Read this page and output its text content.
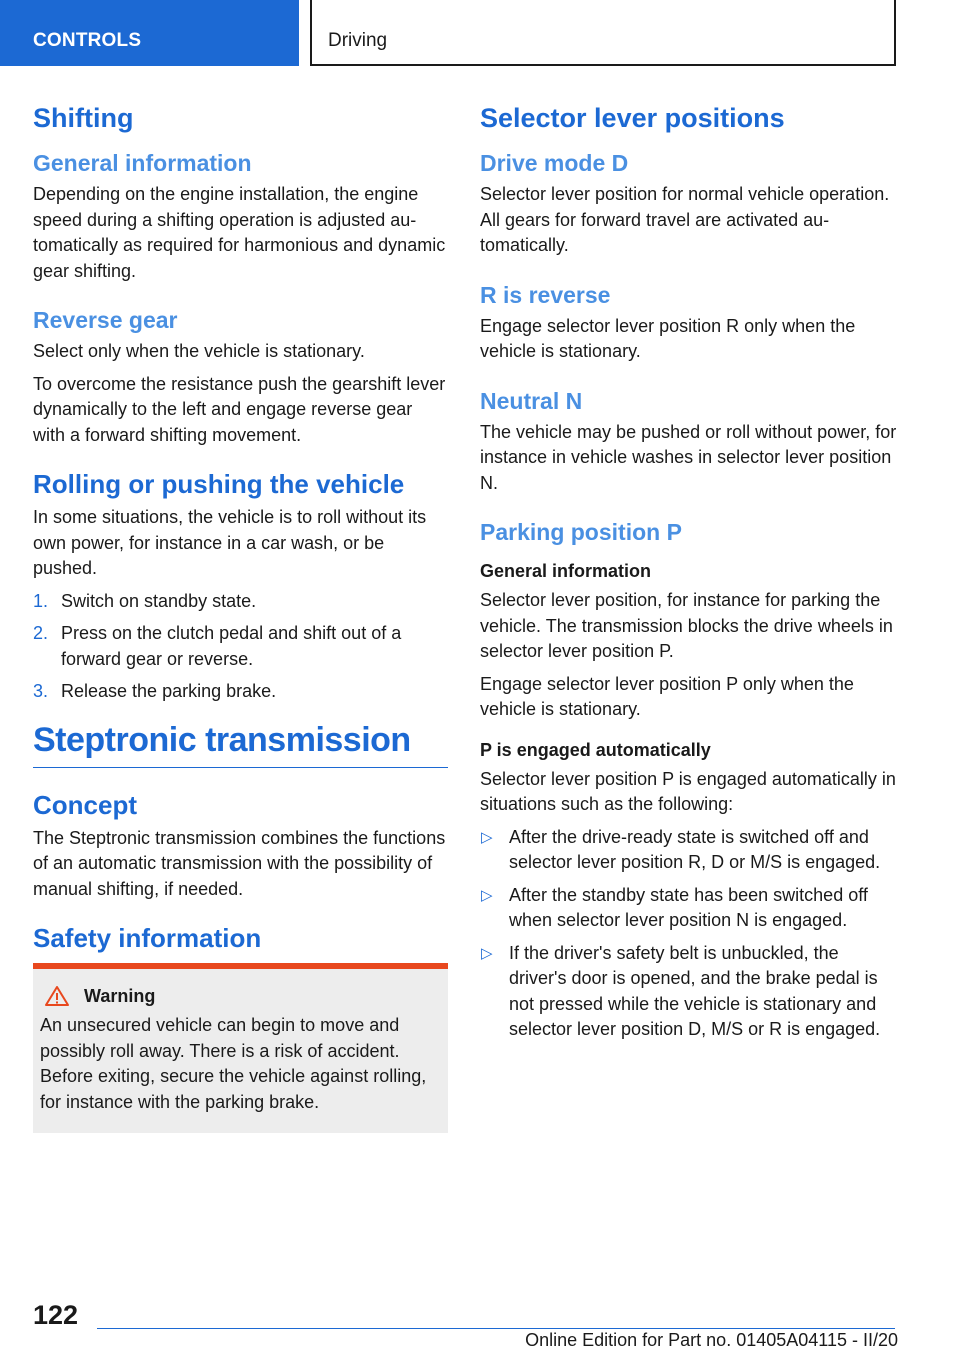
CONTROLS	Driving
Shifting
General information

Depending on the engine installation, the engine speed during a shifting operation is adjusted automatically as required for harmonious and dynamic gear shifting.

Reverse gear

Select only when the vehicle is stationary.

To overcome the resistance push the gearshift lever dynamically to the left and engage reverse gear with a forward shifting movement.

Rolling or pushing the vehicle

In some situations, the vehicle is to roll without its own power, for instance in a car wash, or be pushed.

1. Switch on standby state.
2. Press on the clutch pedal and shift out of a forward gear or reverse.
3. Release the parking brake.
Steptronic transmission
Concept

The Steptronic transmission combines the functions of an automatic transmission with the possibility of manual shifting, if needed.

Safety information
Warning

An unsecured vehicle can begin to move and possibly roll away. There is a risk of accident. Before exiting, secure the vehicle against rolling, for instance with the parking brake.

Selector lever positions
Drive mode D

Selector lever position for normal vehicle operation. All gears for forward travel are activated automatically.

R is reverse

Engage selector lever position R only when the vehicle is stationary.

Neutral N

The vehicle may be pushed or roll without power, for instance in vehicle washes in selector lever position N.

Parking position P
General information

Selector lever position, for instance for parking the vehicle. The transmission blocks the drive wheels in selector lever position P.

Engage selector lever position P only when the vehicle is stationary.

P is engaged automatically

Selector lever position P is engaged automatically in situations such as the following:

▷ After the drive-ready state is switched off and selector lever position R, D or M/S is engaged.
▷ After the standby state has been switched off when selector lever position N is engaged.
▷ If the driver's safety belt is unbuckled, the driver's door is opened, and the brake pedal is not pressed while the vehicle is stationary and selector lever position D, M/S or R is engaged.
122
Online Edition for Part no. 01405A04115 - II/20
